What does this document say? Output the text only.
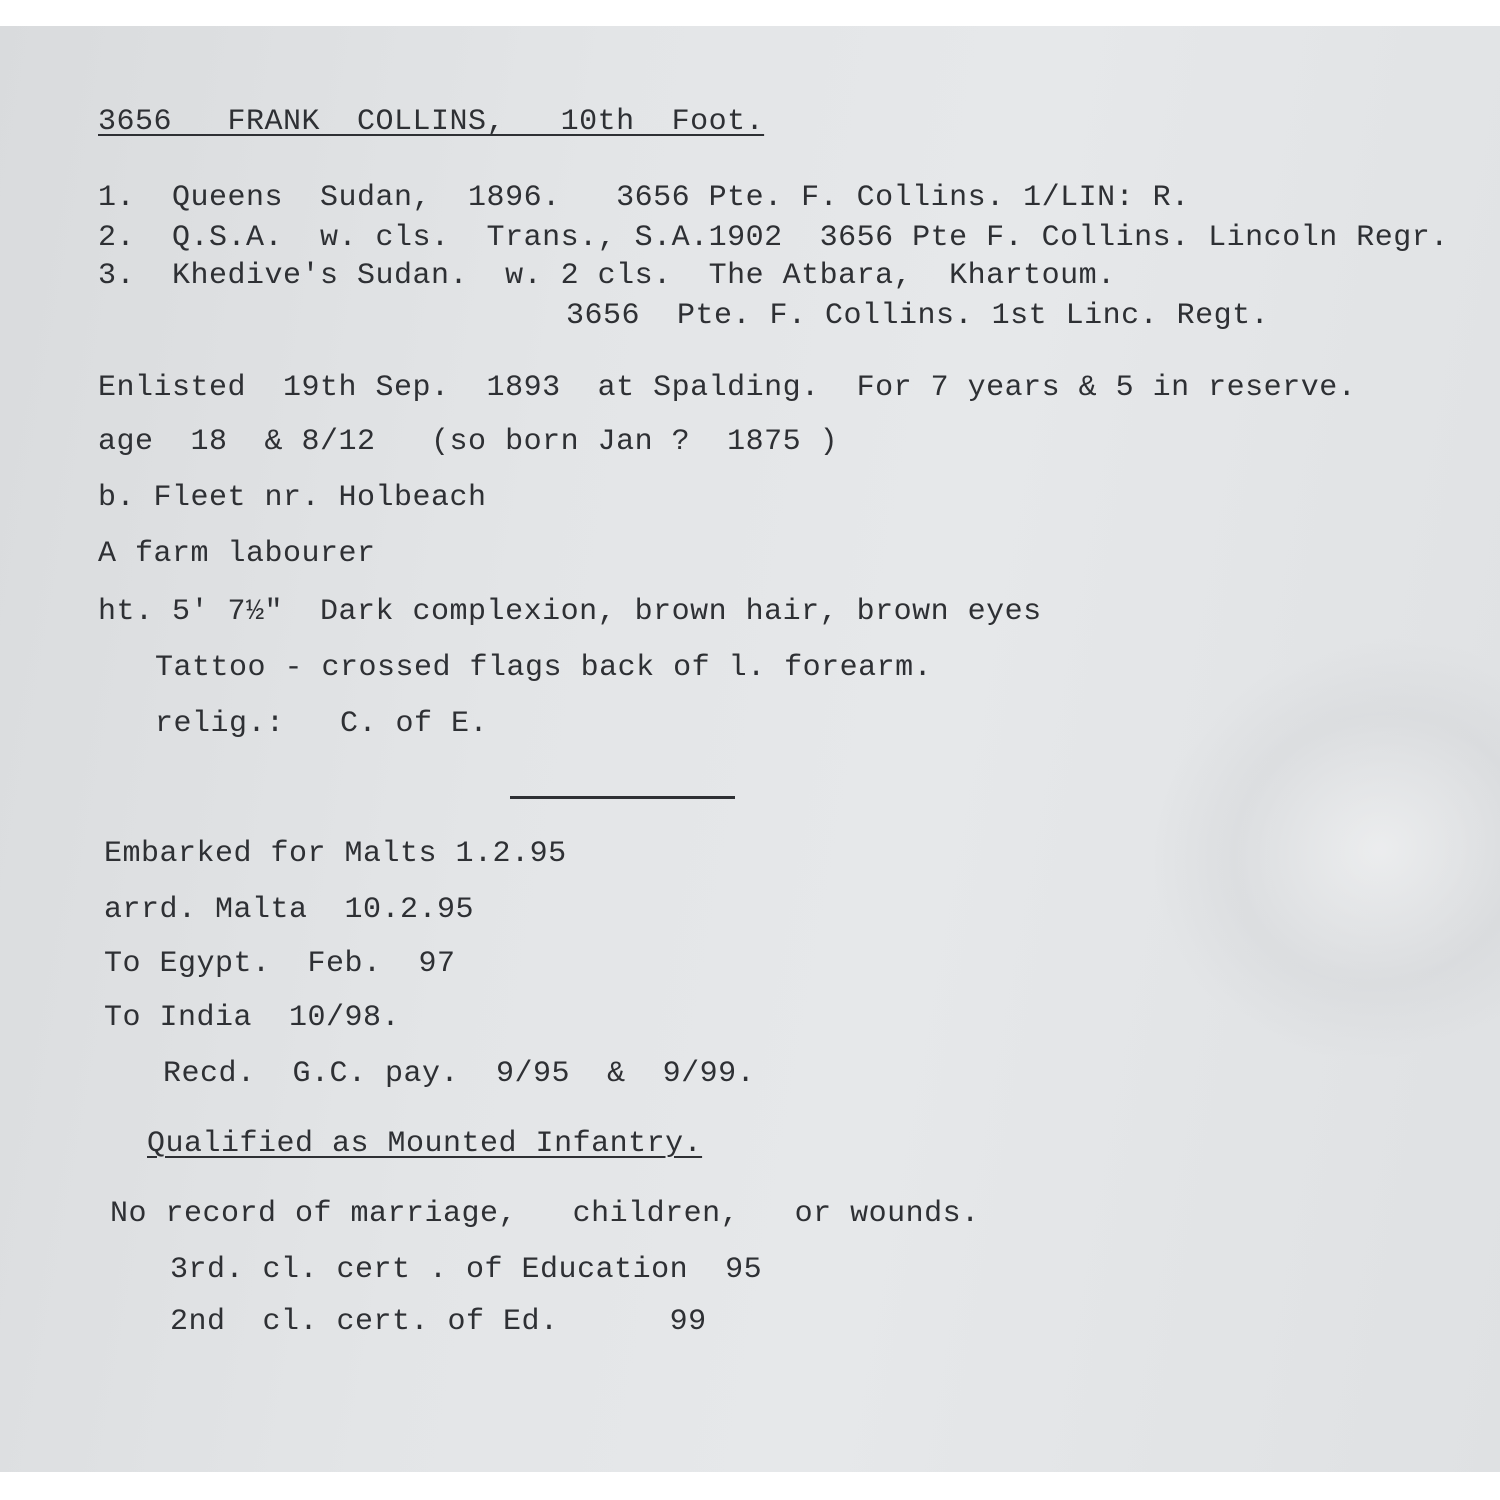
3656   FRANK  COLLINS,   10th  Foot.

1.  Queens  Sudan,  1896.   3656 Pte. F. Collins. 1/LIN: R.

2.  Q.S.A.  w. cls.  Trans., S.A.1902  3656 Pte F. Collins. Lincoln Regr.

3.  Khedive's Sudan.  w. 2 cls.  The Atbara,  Khartoum.

3656  Pte. F. Collins. 1st Linc. Regt.

Enlisted  19th Sep.  1893  at Spalding.  For 7 years & 5 in reserve.

age  18  & 8/12   (so born Jan ?  1875 )

b. Fleet nr. Holbeach

A farm labourer

ht. 5' 7½"  Dark complexion, brown hair, brown eyes

Tattoo - crossed flags back of l. forearm.

relig.:   C. of E.

Embarked for Malts 1.2.95

arrd. Malta  10.2.95

To Egypt.  Feb.  97

To India  10/98.

Recd.  G.C. pay.  9/95  &  9/99.

Qualified as Mounted Infantry.

No record of marriage,   children,   or wounds.

3rd. cl. cert . of Education  95

2nd  cl. cert. of Ed.      99
